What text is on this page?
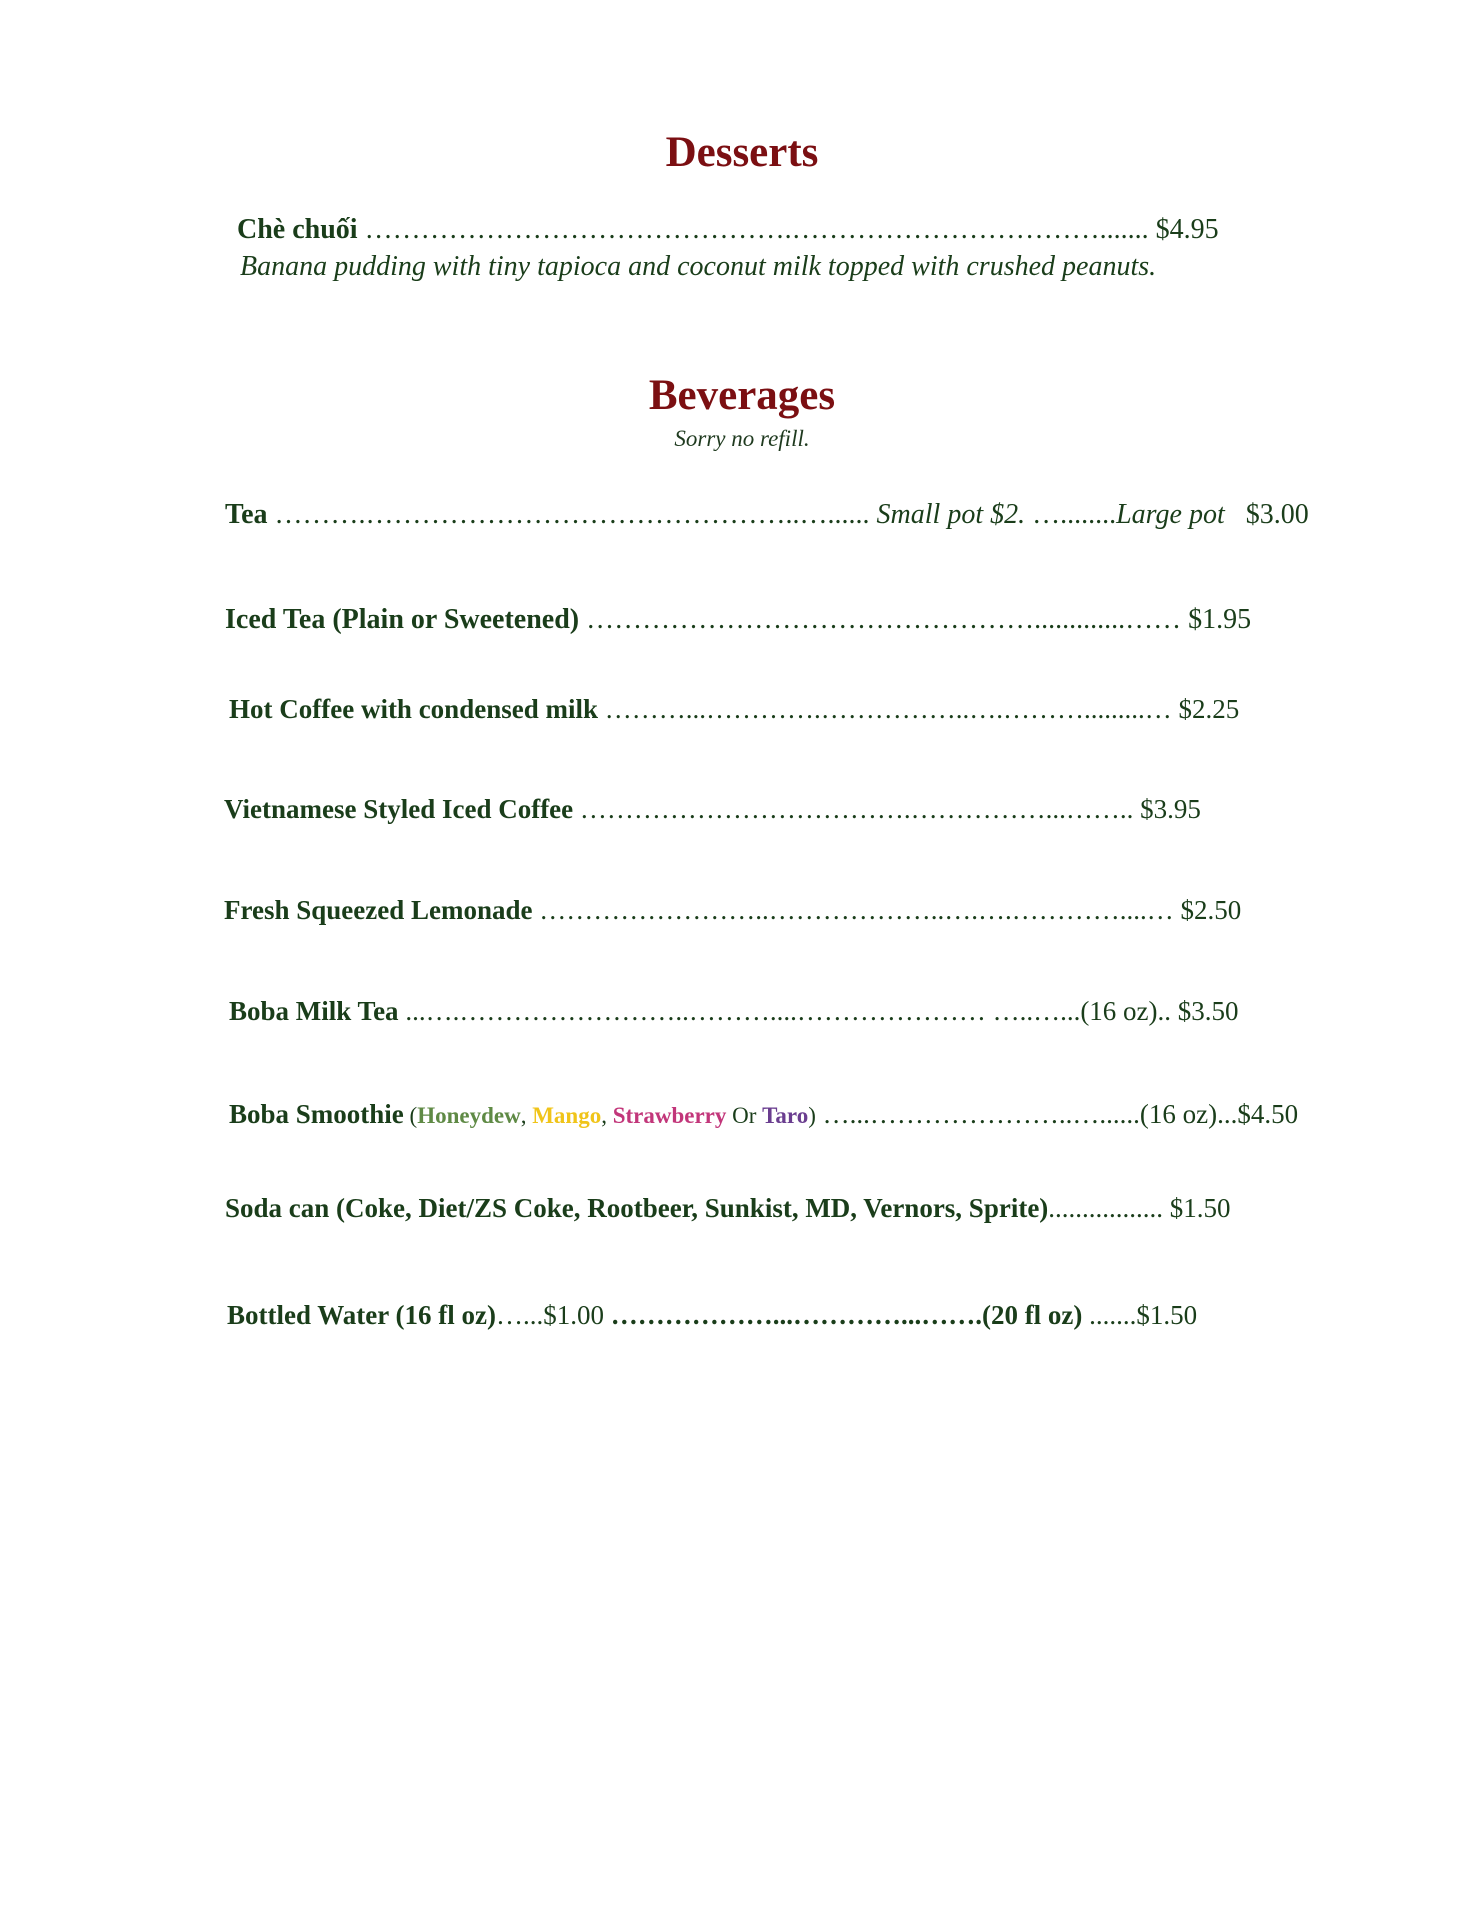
Desserts
Chè chuối ……………………………………….……………………………....... $4.95
Banana pudding with tiny tapioca and coconut milk topped with crushed peanuts.
Beverages
Sorry no refill.
Tea ……….………………………………………..…...... Small pot $2. …........Large pot   $3.00
Iced Tea (Plain or Sweetened) ………………………………………….............…… $1.95
Hot Coffee with condensed milk ………...………….……………..….……….........… $2.25
Vietnamese Styled Iced Coffee ……………………………….……………...…….. $3.95
Fresh Squeezed Lemonade ……………………..………………..….….…………....… $2.50
Boba Milk Tea ...….……………………..………....………………… …..…...(16 oz).. $3.50
Boba Smoothie (Honeydew, Mango, Strawberry Or Taro) …...…………………..…......(16 oz)...$4.50
Soda can (Coke, Diet/ZS Coke, Rootbeer, Sunkist, MD, Vernors, Sprite)................. $1.50
Bottled Water (16 fl oz)…...$1.00 ………………...…………...…….(20 fl oz) .......$1.50
